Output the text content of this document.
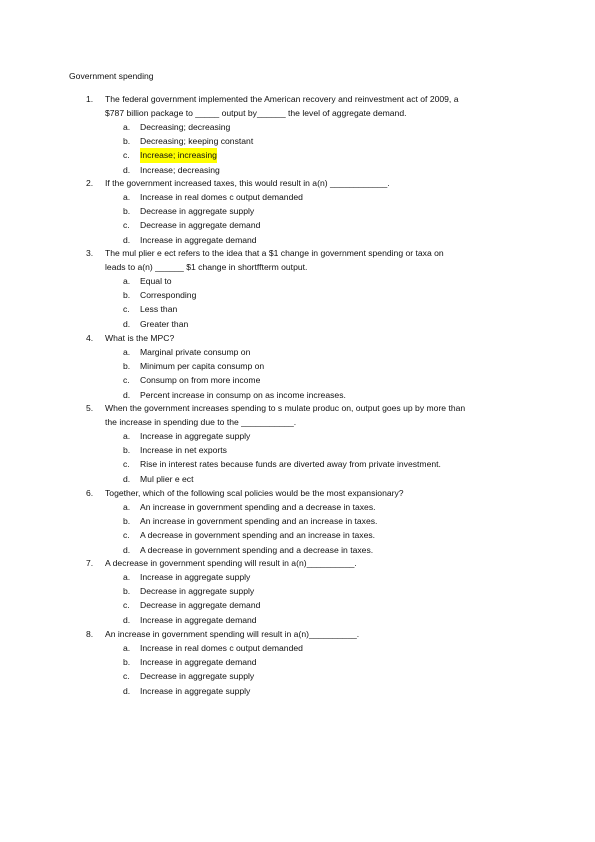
Government spending
1.	The federal government implemented the American recovery and reinvestment act of 2009, a
$787 billion package to _____ output by______ the level of aggregate demand.
a.	Decreasing; decreasing
b.	Decreasing; keeping constant
c.	Increase; increasing
d.	Increase; decreasing
2.	If the government increased taxes, this would result in a(n) ____________.
a.	Increase in real domes c output demanded
b.	Decrease in aggregate supply
c.	Decrease in aggregate demand
d.	Increase in aggregate demand
3.	The mul plier e ect refers to the idea that a $1 change in government spending or taxa on
leads to a(n) ______ $1 change in shortffterm output.
a.	Equal to
b.	Corresponding
c.	Less than
d.	Greater than
4.	What is the MPC?
a.	Marginal private consump on
b.	Minimum per capita consump on
c.	Consump on from more income
d.	Percent increase in consump on as income increases.
5.	When the government increases spending to s mulate produc on, output goes up by more than
the increase in spending due to the ___________.
a.	Increase in aggregate supply
b.	Increase in net exports
c.	Rise in interest rates because funds are diverted away from private investment.
d.	Mul plier e ect
6.	Together, which of the following scal policies would be the most expansionary?
a.	An increase in government spending and a decrease in taxes.
b.	An increase in government spending and an increase in taxes.
c.	A decrease in government spending and an increase in taxes.
d.	A decrease in government spending and a decrease in taxes.
7.	A decrease in government spending will result in a(n)__________.
a.	Increase in aggregate supply
b.	Decrease in aggregate supply
c.	Decrease in aggregate demand
d.	Increase in aggregate demand
8.	An increase in government spending will result in a(n)__________.
a.	Increase in real domes c output demanded
b.	Increase in aggregate demand
c.	Decrease in aggregate supply
d.	Increase in aggregate supply
